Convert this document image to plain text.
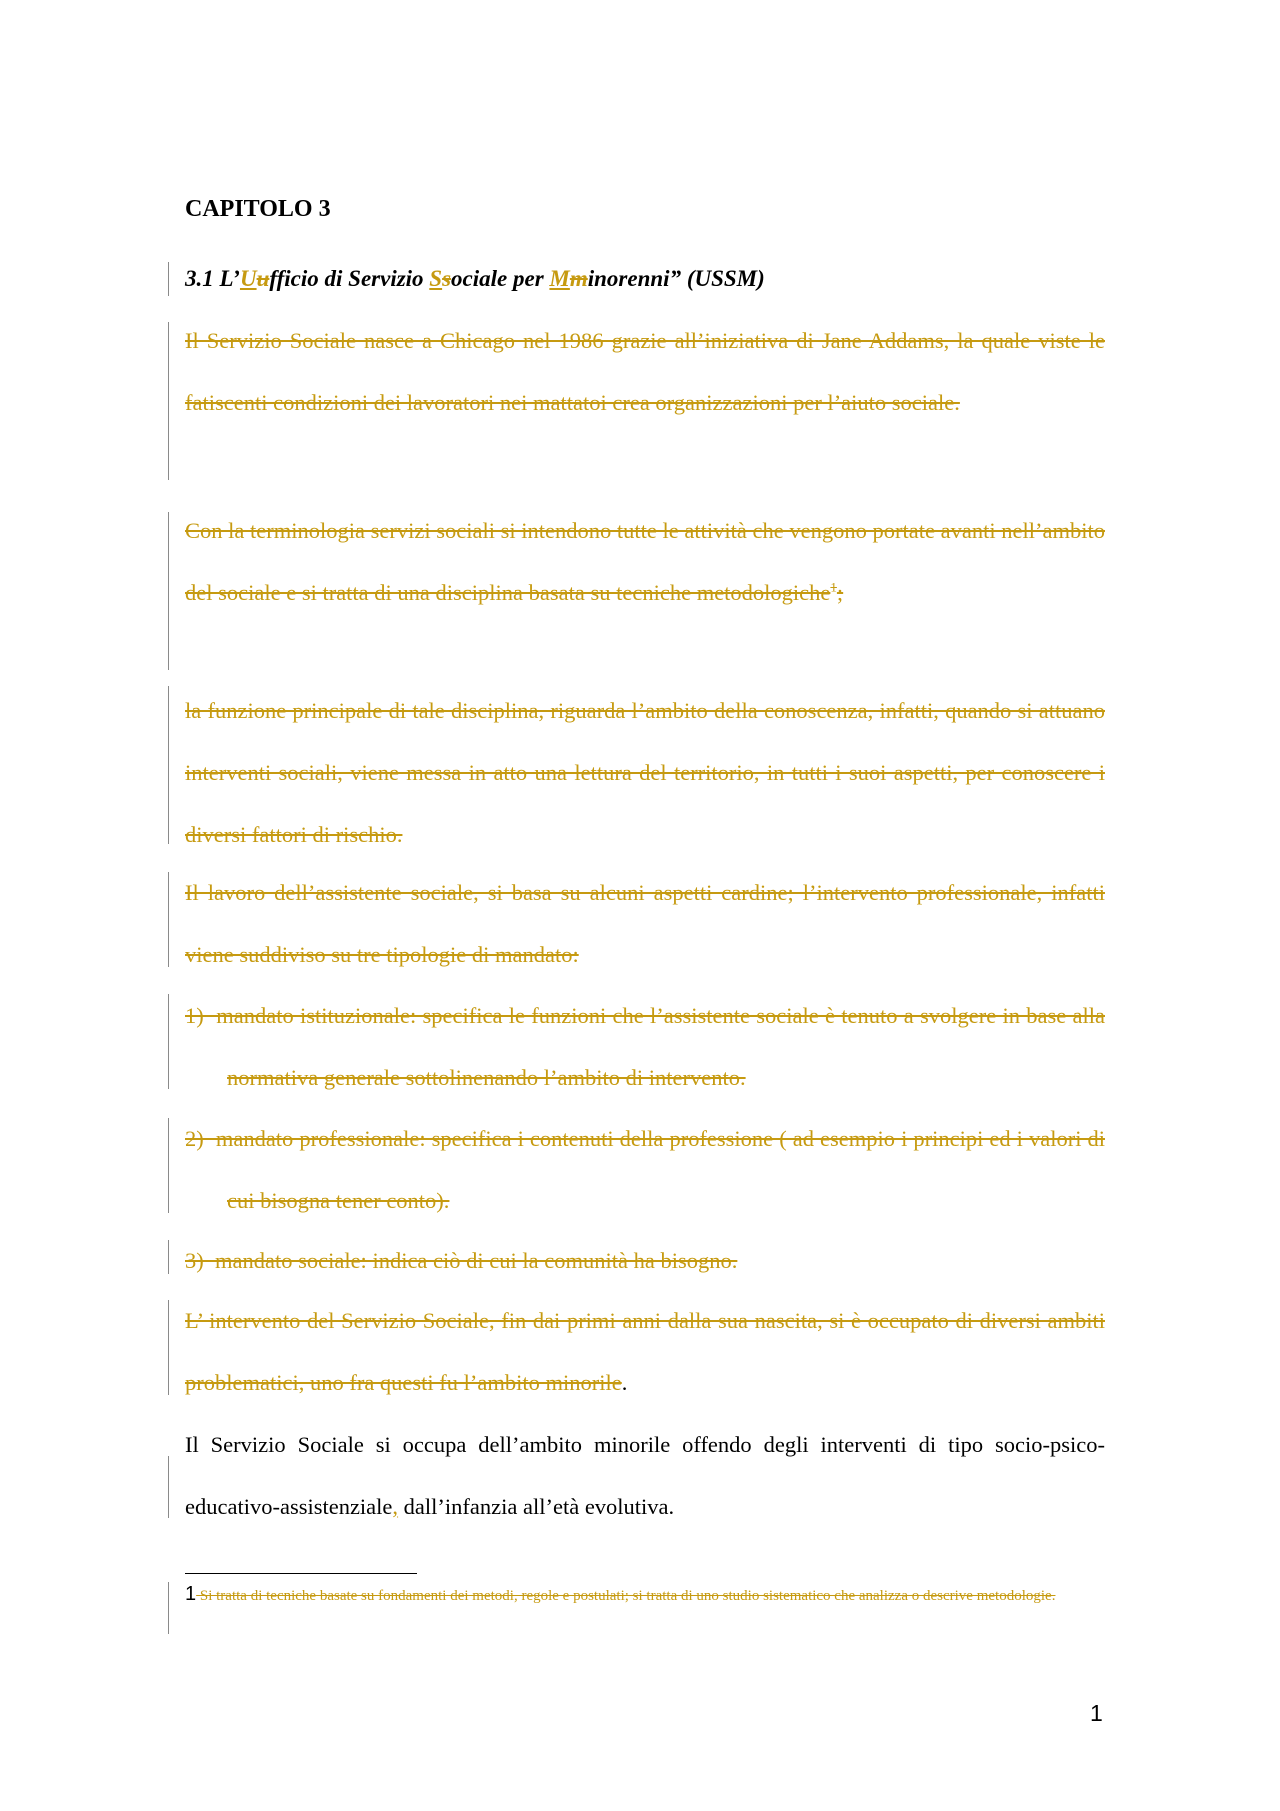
CAPITOLO 3
3.1 L’Uufficio di Servizio Ssociale per Mminorenni” (USSM)

Il Servizio Sociale nasce a Chicago nel 1986 grazie all’iniziativa di Jane Addams, la quale viste le fatiscenti condizioni dei lavoratori nei mattatoi crea organizzazioni per l’aiuto sociale.

Con la terminologia servizi sociali si intendono tutte le attività che vengono portate avanti nell’ambito del sociale e si tratta di una disciplina basata su tecniche metodologiche$^1$;

la funzione principale di tale disciplina, riguarda l’ambito della conoscenza, infatti, quando si attuano interventi sociali, viene messa in atto una lettura del territorio, in tutti i suoi aspetti, per conoscere i diversi fattori di rischio.

Il lavoro dell’assistente sociale, si basa su alcuni aspetti cardine; l’intervento professionale, infatti viene suddiviso su tre tipologie di mandato:

1)  mandato istituzionale: specifica le funzioni che l’assistente sociale è tenuto a svolgere in base alla normativa generale sottolinenando l’ambito di intervento.

2)  mandato professionale: specifica i contenuti della professione ( ad esempio i principi ed i valori di cui bisogna tener conto).

3)  mandato sociale: indica ciò di cui la comunità ha bisogno.

L’ intervento del Servizio Sociale, fin dai primi anni dalla sua nascita, si è occupato di diversi ambiti problematici, uno fra questi fu l’ambito minorile.

Il Servizio Sociale si occupa dell’ambito minorile offendo degli interventi di tipo socio-psico-educativo-assistenziale, dall’infanzia all’età evolutiva.

1 Si tratta di tecniche basate su fondamenti dei metodi, regole e postulati; si tratta di uno studio sistematico che analizza o descrive metodologie.

1
